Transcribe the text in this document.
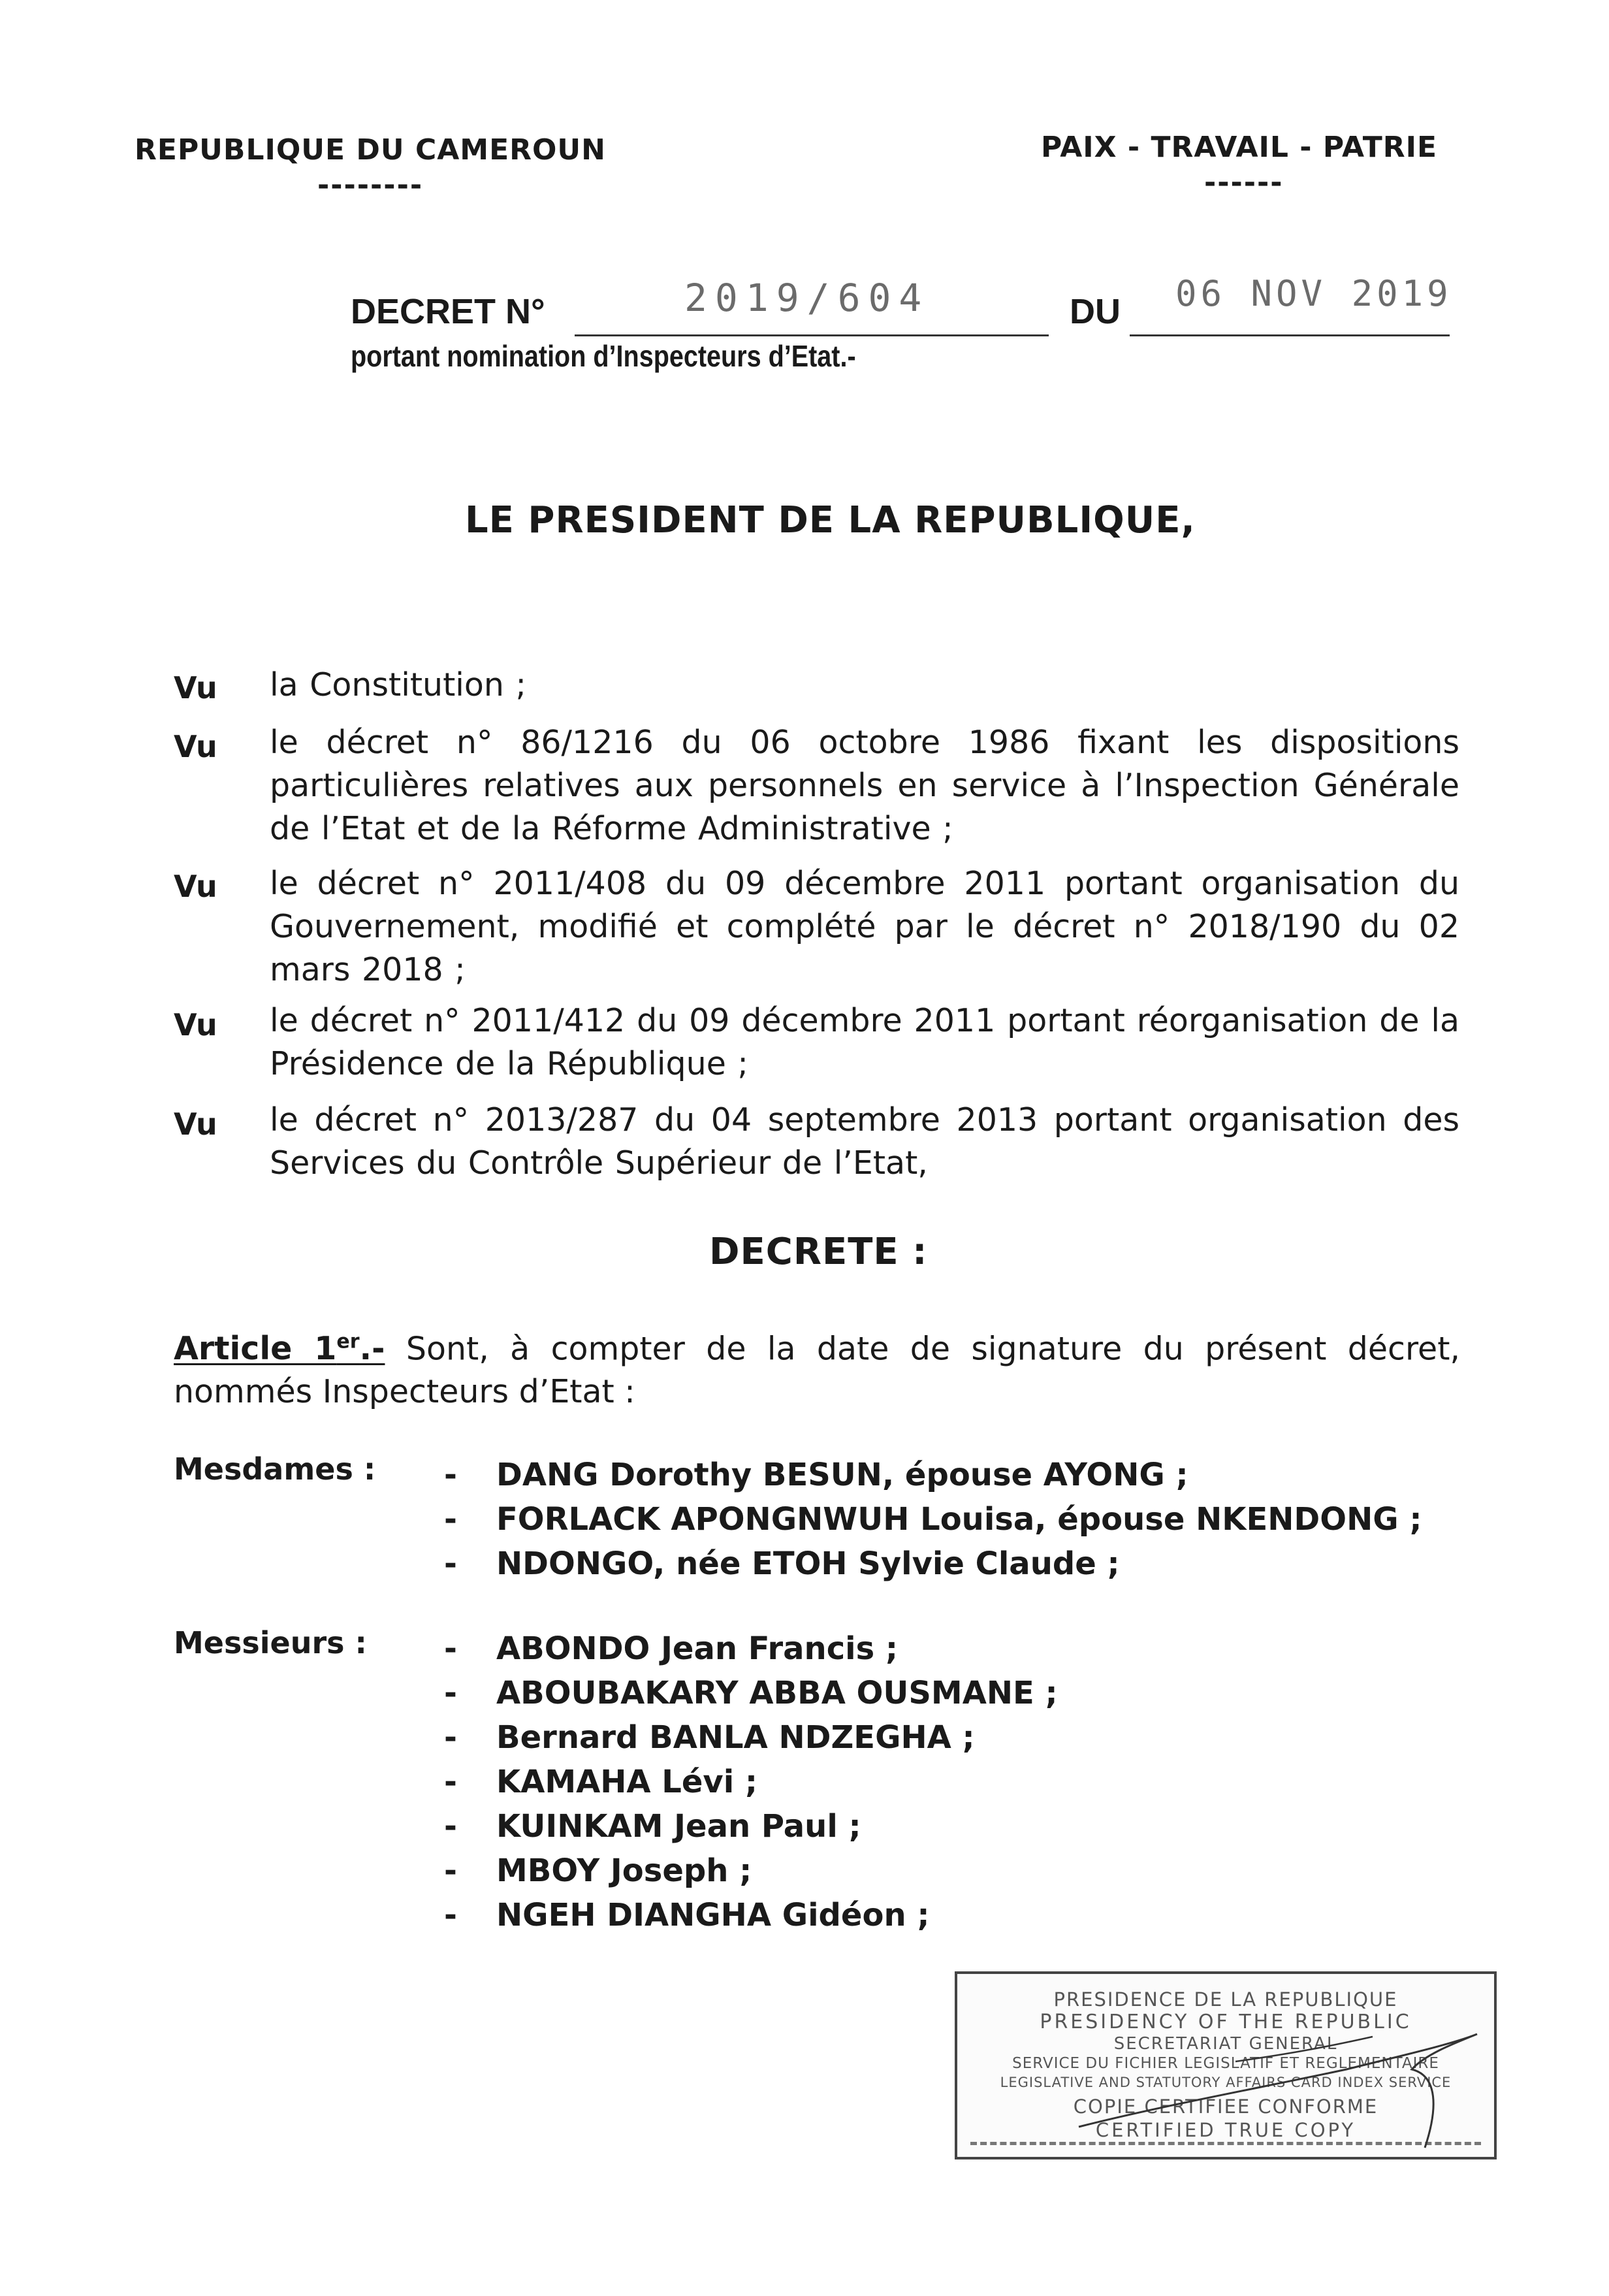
REPUBLIQUE DU CAMEROUN
--------
PAIX - TRAVAIL - PATRIE
------
DECRET N°	2019/604	DU 06 NOV 2019
portant nomination d’Inspecteurs d’Etat.-
LE PRESIDENT DE LA REPUBLIQUE,
Vu la Constitution ;
Vu le décret n° 86/1216 du 06 octobre 1986 fixant les dispositions particulières relatives aux personnels en service à l’Inspection Générale de l’Etat et de la Réforme Administrative ;
Vu le décret n° 2011/408 du 09 décembre 2011 portant organisation du Gouvernement, modifié et complété par le décret n° 2018/190 du 02 mars 2018 ;
Vu le décret n° 2011/412 du 09 décembre 2011 portant réorganisation de la Présidence de la République ;
Vu le décret n° 2013/287 du 04 septembre 2013 portant organisation des Services du Contrôle Supérieur de l’Etat,
DECRETE :
Article 1er.- Sont, à compter de la date de signature du présent décret, nommés Inspecteurs d’Etat :
Mesdames :	- DANG Dorothy BESUN, épouse AYONG ;
- FORLACK APONGNWUH Louisa, épouse NKENDONG ;
- NDONGO, née ETOH Sylvie Claude ;
Messieurs :	- ABONDO Jean Francis ;
- ABOUBAKARY ABBA OUSMANE ;
- Bernard BANLA NDZEGHA ;
- KAMAHA Lévi ;
- KUINKAM Jean Paul ;
- MBOY Joseph ;
- NGEH DIANGHA Gidéon ;
PRESIDENCE DE LA REPUBLIQUE
PRESIDENCY OF THE REPUBLIC
SECRETARIAT GENERAL
SERVICE DU FICHIER LEGISLATIF ET REGLEMENTAIRE
LEGISLATIVE AND STATUTORY AFFAIRS CARD INDEX SERVICE
COPIE CERTIFIEE CONFORME
CERTIFIED TRUE COPY
